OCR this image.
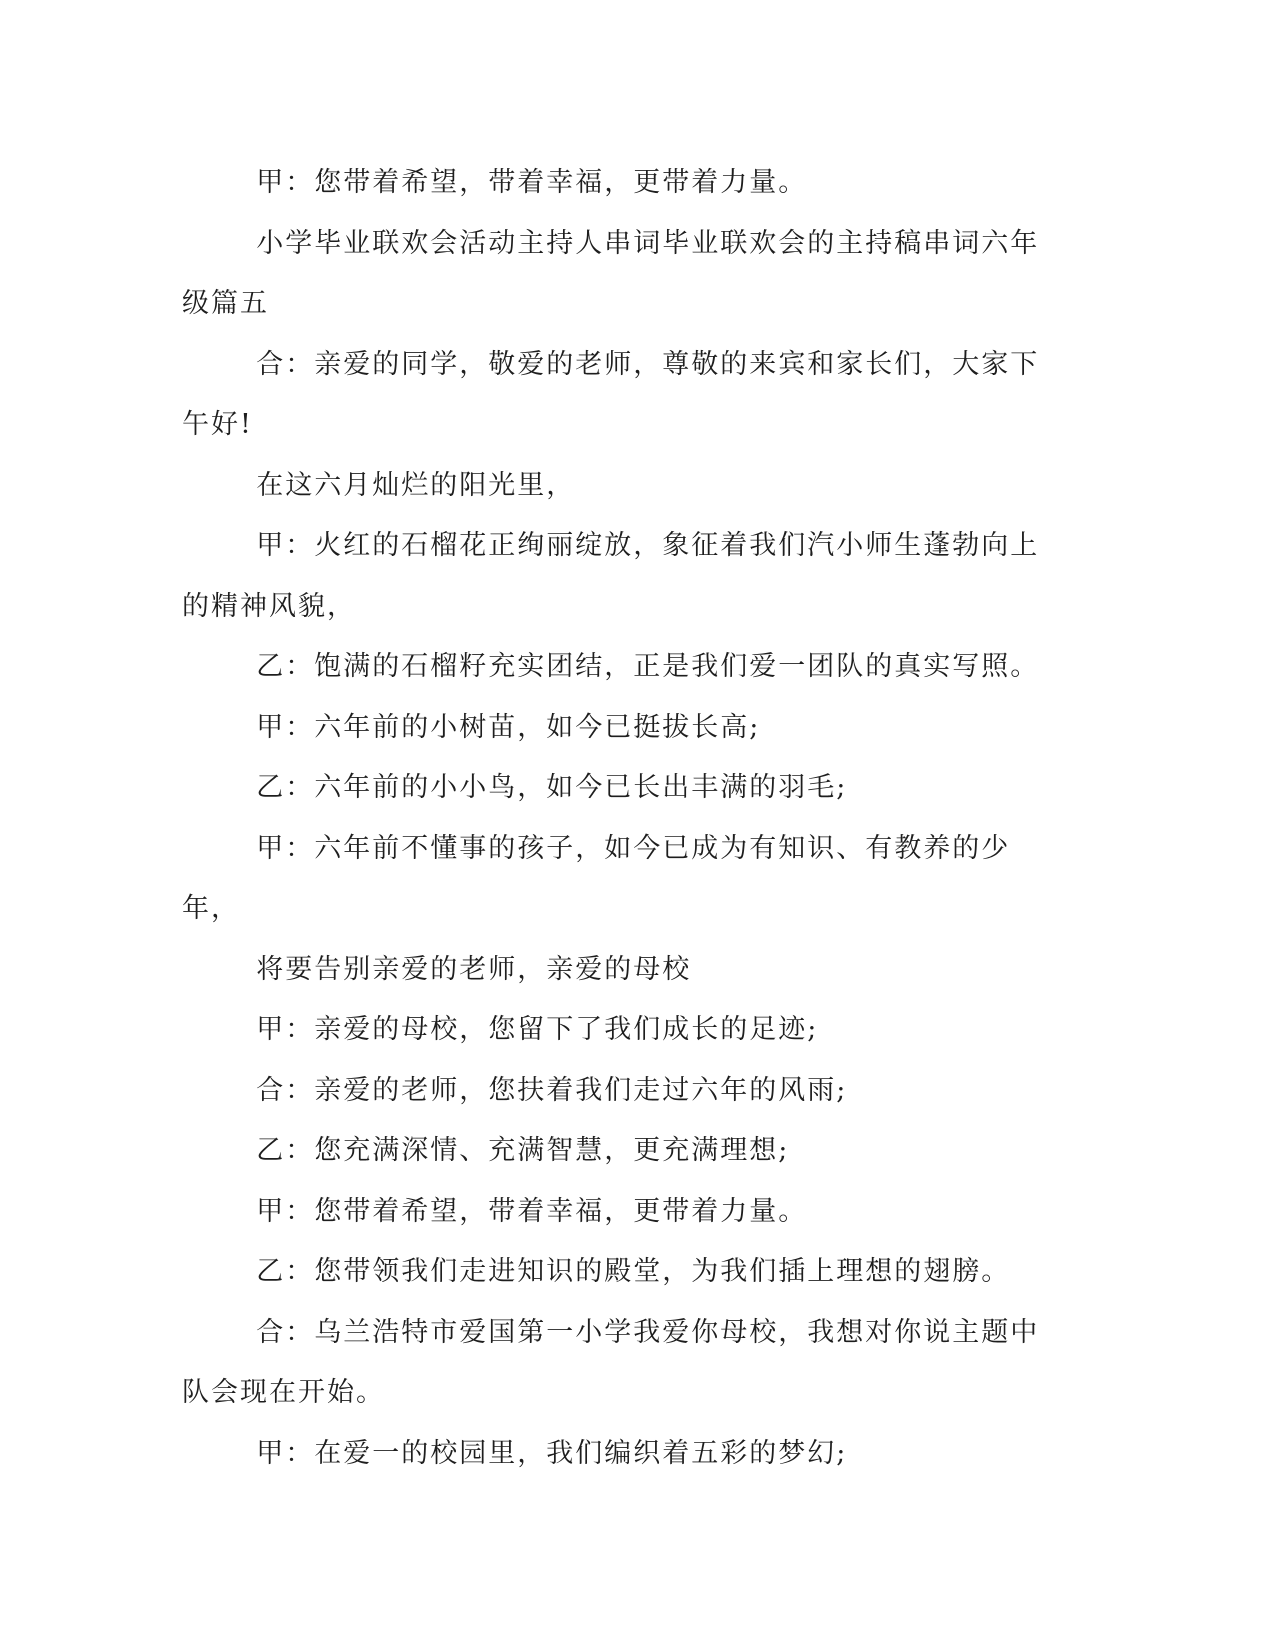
甲：您带着希望，带着幸福，更带着力量。

小学毕业联欢会活动主持人串词毕业联欢会的主持稿串词六年级篇五

合：亲爱的同学，敬爱的老师，尊敬的来宾和家长们，大家下午好!

在这六月灿烂的阳光里，

甲：火红的石榴花正绚丽绽放，象征着我们汽小师生蓬勃向上的精神风貌，

乙：饱满的石榴籽充实团结，正是我们爱一团队的真实写照。

甲：六年前的小树苗，如今已挺拔长高;

乙：六年前的小小鸟，如今已长出丰满的羽毛;

甲：六年前不懂事的孩子，如今已成为有知识、有教养的少年，

将要告别亲爱的老师，亲爱的母校

甲：亲爱的母校，您留下了我们成长的足迹;

合：亲爱的老师，您扶着我们走过六年的风雨;

乙：您充满深情、充满智慧，更充满理想;

甲：您带着希望，带着幸福，更带着力量。

乙：您带领我们走进知识的殿堂，为我们插上理想的翅膀。

合：乌兰浩特市爱国第一小学我爱你母校，我想对你说主题中队会现在开始。

甲：在爱一的校园里，我们编织着五彩的梦幻;
